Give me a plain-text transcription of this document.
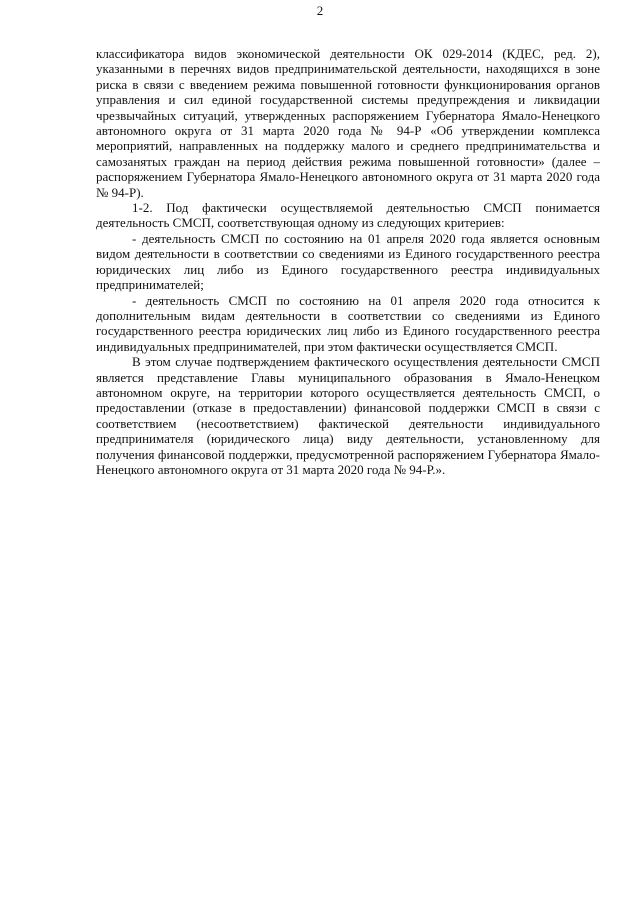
2

классификатора видов экономической деятельности ОК 029-2014 (КДЕС, ред. 2), указанными в перечнях видов предпринимательской деятельности, находящихся в зоне риска в связи с введением режима повышенной готовности функционирования органов управления и сил единой государственной системы предупреждения и ликвидации чрезвычайных ситуаций, утвержденных распоряжением Губернатора Ямало-Ненецкого автономного округа от 31 марта 2020 года № 94-Р «Об утверждении комплекса мероприятий, направленных на поддержку малого и среднего предпринимательства и самозанятых граждан на период действия режима повышенной готовности» (далее – распоряжением Губернатора Ямало-Ненецкого автономного округа от 31 марта 2020 года № 94-Р).

1-2. Под фактически осуществляемой деятельностью СМСП понимается деятельность СМСП, соответствующая одному из следующих критериев:

- деятельность СМСП по состоянию на 01 апреля 2020 года является основным видом деятельности в соответствии со сведениями из Единого государственного реестра юридических лиц либо из Единого государственного реестра индивидуальных предпринимателей;

- деятельность СМСП по состоянию на 01 апреля 2020 года относится к дополнительным видам деятельности в соответствии со сведениями из Единого государственного реестра юридических лиц либо из Единого государственного реестра индивидуальных предпринимателей, при этом фактически осуществляется СМСП.

В этом случае подтверждением фактического осуществления деятельности СМСП является представление Главы муниципального образования в Ямало-Ненецком автономном округе, на территории которого осуществляется деятельность СМСП, о предоставлении (отказе в предоставлении) финансовой поддержки СМСП в связи с соответствием (несоответствием) фактической деятельности индивидуального предпринимателя (юридического лица) виду деятельности, установленному для получения финансовой поддержки, предусмотренной распоряжением Губернатора Ямало-Ненецкого автономного округа от 31 марта 2020 года № 94-Р.».
